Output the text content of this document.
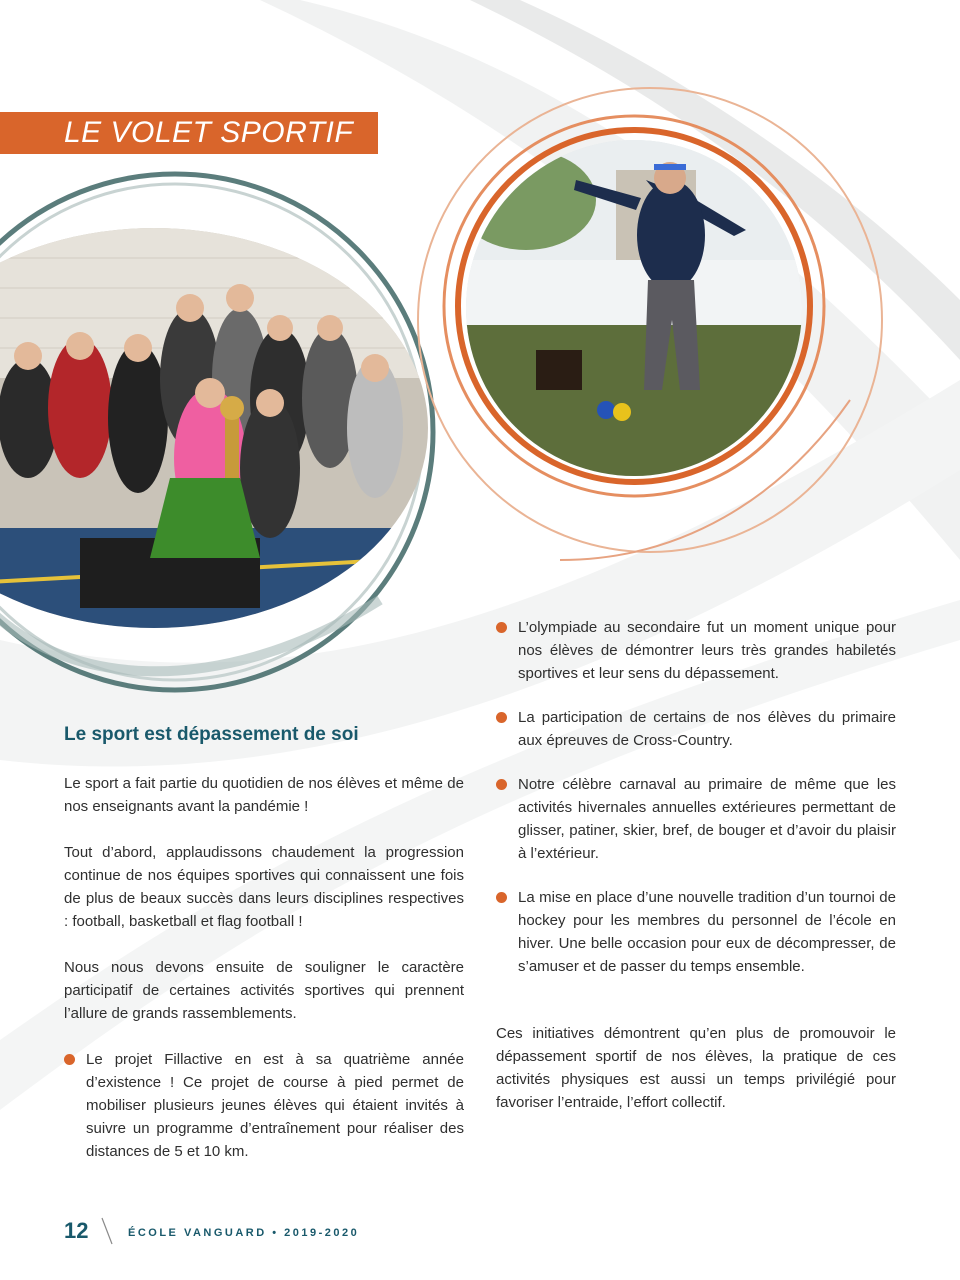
LE VOLET SPORTIF
Le sport est dépassement de soi
Le sport a fait partie du quotidien de nos élèves et même de nos enseignants avant la pandémie !
Tout d’abord, applaudissons chaudement la progression continue de nos équipes sportives qui connaissent une fois de plus de beaux succès dans leurs disciplines respectives : football, basketball et flag football !
Nous nous devons ensuite de souligner le caractère participatif de certaines activités sportives qui prennent l’allure de grands rassemblements.
Le projet Fillactive en est à sa quatrième année d’existence ! Ce projet de course à pied permet de mobiliser plusieurs jeunes élèves qui étaient invités à suivre un programme d’entraînement pour réaliser des distances de 5 et 10 km.
L’olympiade au secondaire fut un moment unique pour nos élèves de démontrer leurs très grandes habiletés sportives et leur sens du dépassement.
La participation de certains de nos élèves du primaire aux épreuves de Cross-Country.
Notre célèbre carnaval au primaire de même que les activités hivernales annuelles extérieures permettant de glisser, patiner, skier, bref, de bouger et d’avoir du plaisir à l’extérieur.
La mise en place d’une nouvelle tradition d’un tournoi de hockey pour les membres du personnel de l’école en hiver. Une belle occasion pour eux de décompresser, de s’amuser et de passer du temps ensemble.
Ces initiatives démontrent qu’en plus de promouvoir le dépassement sportif de nos élèves, la pratique de ces activités physiques est aussi un temps privilégié pour favoriser l’entraide, l’effort collectif.
12	ÉCOLE VANGUARD • 2019-2020
